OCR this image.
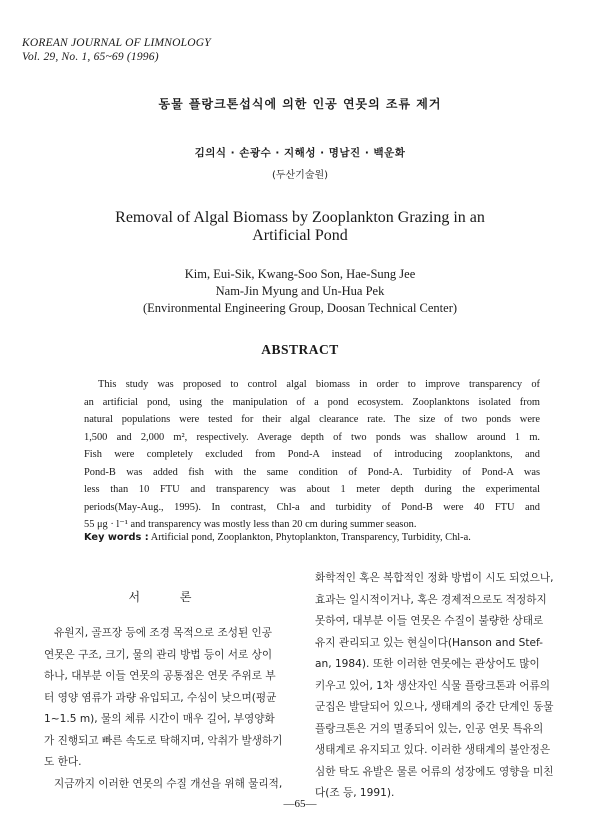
KOREAN JOURNAL OF LIMNOLOGY
Vol. 29, No. 1, 65~69 (1996)
동물 플랑크톤섭식에 의한 인공 연못의 조류 제거
김의식 · 손광수 · 지해성 · 명남진 · 백운화
(두산기술원)
Removal of Algal Biomass by Zooplankton Grazing in an
Artificial Pond
Kim, Eui-Sik, Kwang-Soo Son, Hae-Sung Jee
Nam-Jin Myung and Un-Hua Pek
(Environmental Engineering Group, Doosan Technical Center)
ABSTRACT
This study was proposed to control algal biomass in order to improve transparency of
an artificial pond, using the manipulation of a pond ecosystem. Zooplanktons isolated from
natural populations were tested for their algal clearance rate. The size of two ponds were
1,500 and 2,000 m², respectively. Average depth of two ponds was shallow around 1 m.
Fish were completely excluded from Pond-A instead of introducing zooplanktons, and
Pond-B was added fish with the same condition of Pond-A. Turbidity of Pond-A was
less than 10 FTU and transparency was about 1 meter depth during the experimental
periods(May-Aug., 1995). In contrast, Chl-a and turbidity of Pond-B were 40 FTU and
55 μg · l⁻¹ and transparency was mostly less than 20 cm during summer season.
Key words : Artificial pond, Zooplankton, Phytoplankton, Transparency, Turbidity, Chl-a.
서 론
유원지, 골프장 등에 조경 목적으로 조성된 인공
연못은 구조, 크기, 물의 관리 방법 등이 서로 상이
하나, 대부분 이들 연못의 공통점은 연못 주위로 부
터 영양 염류가 과량 유입되고, 수심이 낮으며(평균
1~1.5 m), 물의 체류 시간이 매우 길어, 부영양화
가 진행되고 빠른 속도로 탁해지며, 악취가 발생하기
도 한다.
지금까지 이러한 연못의 수질 개선을 위해 물리적,
화학적인 혹은 복합적인 정화 방법이 시도 되었으나,
효과는 일시적이거나, 혹은 경제적으로도 적정하지
못하여, 대부분 이들 연못은 수질이 불량한 상태로
유지 관리되고 있는 현실이다(Hanson and Stef-
an, 1984). 또한 이러한 연못에는 관상어도 많이
키우고 있어, 1차 생산자인 식물 플랑크톤과 어류의
군집은 발달되어 있으나, 생태계의 중간 단계인 동물
플랑크톤은 거의 멸종되어 있는, 인공 연못 특유의
생태계로 유지되고 있다. 이러한 생태계의 불안정은
심한 탁도 유발은 물론 어류의 성장에도 영향을 미친
다(조 등, 1991).
—65—
